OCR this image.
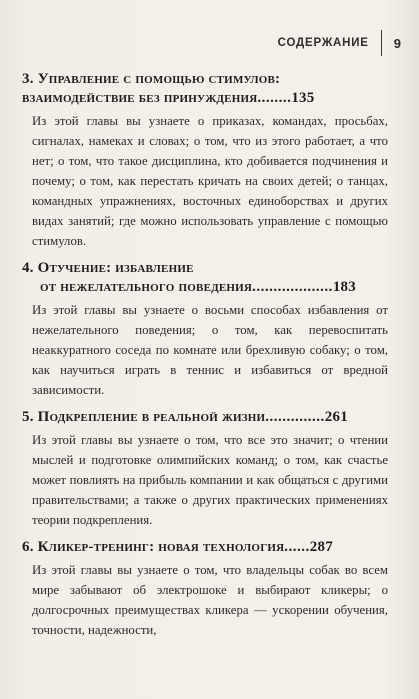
СОДЕРЖАНИЕ 9
3. Управление с помощью стимулов:
взаимодействие без принуждения........135
Из этой главы вы узнаете о приказах, командах, просьбах, сигналах, намеках и словах; о том, что из этого работает, а что нет; о том, что такое дисциплина, кто добивается подчинения и почему; о том, как перестать кричать на своих детей; о танцах, командных упражнениях, восточных единоборствах и других видах занятий; где можно использовать управление с помощью стимулов.
4. Отучение: избавление
от нежелательного поведения...................183
Из этой главы вы узнаете о восьми способах избавления от нежелательного поведения; о том, как перевоспитать неаккуратного соседа по комнате или брехливую собаку; о том, как научиться играть в теннис и избавиться от вредной зависимости.
5. Подкрепление в реальной жизни..............261
Из этой главы вы узнаете о том, что все это значит; о чтении мыслей и подготовке олимпийских команд; о том, как счастье может повлиять на прибыль компании и как общаться с другими правительствами; а также о других практических применениях теории подкрепления.
6. Кликер-тренинг: новая технология......287
Из этой главы вы узнаете о том, что владельцы собак во всем мире забывают об электрошоке и выбирают кликеры; о долгосрочных преимуществах кликера — ускорении обучения, точности, надежности,
